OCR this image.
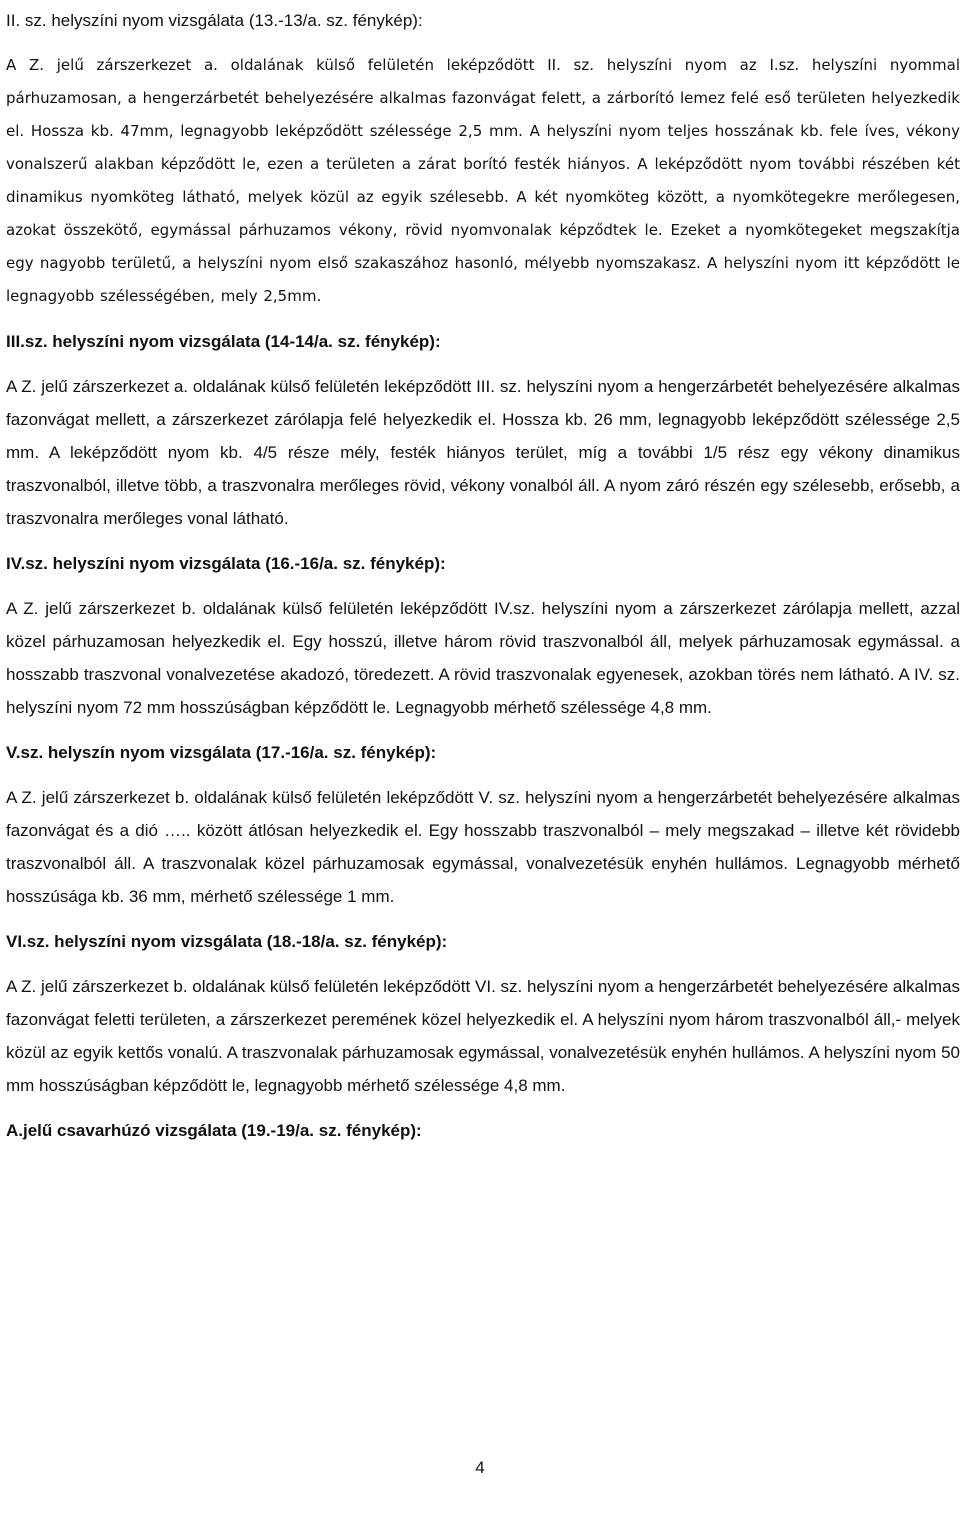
II. sz. helyszíni nyom vizsgálata (13.-13/a. sz. fénykép):

A Z. jelű zárszerkezet a. oldalának külső felületén leképződött II. sz. helyszíni nyom az I.sz. helyszíni nyommal párhuzamosan, a hengerzárbetét behelyezésére alkalmas fazonvágat felett, a zárborító lemez felé eső területen helyezkedik el. Hossza kb. 47mm, legnagyobb leképződött szélessége 2,5 mm. A helyszíni nyom teljes hosszának kb. fele íves, vékony vonalszerű alakban képződött le, ezen a területen a zárat borító festék hiányos. A leképződött nyom további részében két dinamikus nyomköteg látható, melyek közül az egyik szélesebb. A két nyomköteg között, a nyomkötegekre merőlegesen, azokat összekötő, egymással párhuzamos vékony, rövid nyomvonalak képződtek le. Ezeket a nyomkötegeket megszakítja egy nagyobb területű, a helyszíni nyom első szakaszához hasonló, mélyebb nyomszakasz. A helyszíni nyom itt képződött le legnagyobb szélességében, mely 2,5mm.

III.sz. helyszíni nyom vizsgálata (14-14/a. sz. fénykép):

A Z. jelű zárszerkezet a. oldalának külső felületén leképződött III. sz. helyszíni nyom a hengerzárbetét behelyezésére alkalmas fazonvágat mellett, a zárszerkezet zárólapja felé helyezkedik el. Hossza kb. 26 mm, legnagyobb leképződött szélessége 2,5 mm. A leképződött nyom kb. 4/5 része mély, festék hiányos terület, míg a további 1/5 rész egy vékony dinamikus traszvonalból, illetve több, a traszvonalra merőleges rövid, vékony vonalból áll. A nyom záró részén egy szélesebb, erősebb, a traszvonalra merőleges vonal látható.

IV.sz. helyszíni nyom vizsgálata (16.-16/a. sz. fénykép):

A Z. jelű zárszerkezet b. oldalának külső felületén leképződött IV.sz. helyszíni nyom a zárszerkezet zárólapja mellett, azzal közel párhuzamosan helyezkedik el. Egy hosszú, illetve három rövid traszvonalból áll, melyek párhuzamosak egymással. a hosszabb traszvonal vonalvezetése akadozó, töredezett. A rövid traszvonalak egyenesek, azokban törés nem látható. A IV. sz. helyszíni nyom 72 mm hosszúságban képződött le. Legnagyobb mérhető szélessége 4,8 mm.

V.sz. helyszín nyom vizsgálata (17.-16/a. sz. fénykép):

A Z. jelű zárszerkezet b. oldalának külső felületén leképződött V. sz. helyszíni nyom a hengerzárbetét behelyezésére alkalmas fazonvágat és a dió ….. között átlósan helyezkedik el. Egy hosszabb traszvonalból – mely megszakad – illetve két rövidebb traszvonalból áll. A traszvonalak közel párhuzamosak egymással, vonalvezetésük enyhén hullámos. Legnagyobb mérhető hosszúsága kb. 36 mm, mérhető szélessége 1 mm.

VI.sz. helyszíni nyom vizsgálata (18.-18/a. sz. fénykép):

A Z. jelű zárszerkezet b. oldalának külső felületén leképződött VI. sz. helyszíni nyom a hengerzárbetét behelyezésére alkalmas fazonvágat feletti területen, a zárszerkezet peremének közel helyezkedik el. A helyszíni nyom három traszvonalból áll,- melyek közül az egyik kettős vonalú. A traszvonalak párhuzamosak egymással, vonalvezetésük enyhén hullámos. A helyszíni nyom 50 mm hosszúságban képződött le, legnagyobb mérhető szélessége 4,8 mm.

A.jelű csavarhúzó vizsgálata (19.-19/a. sz. fénykép):

4
